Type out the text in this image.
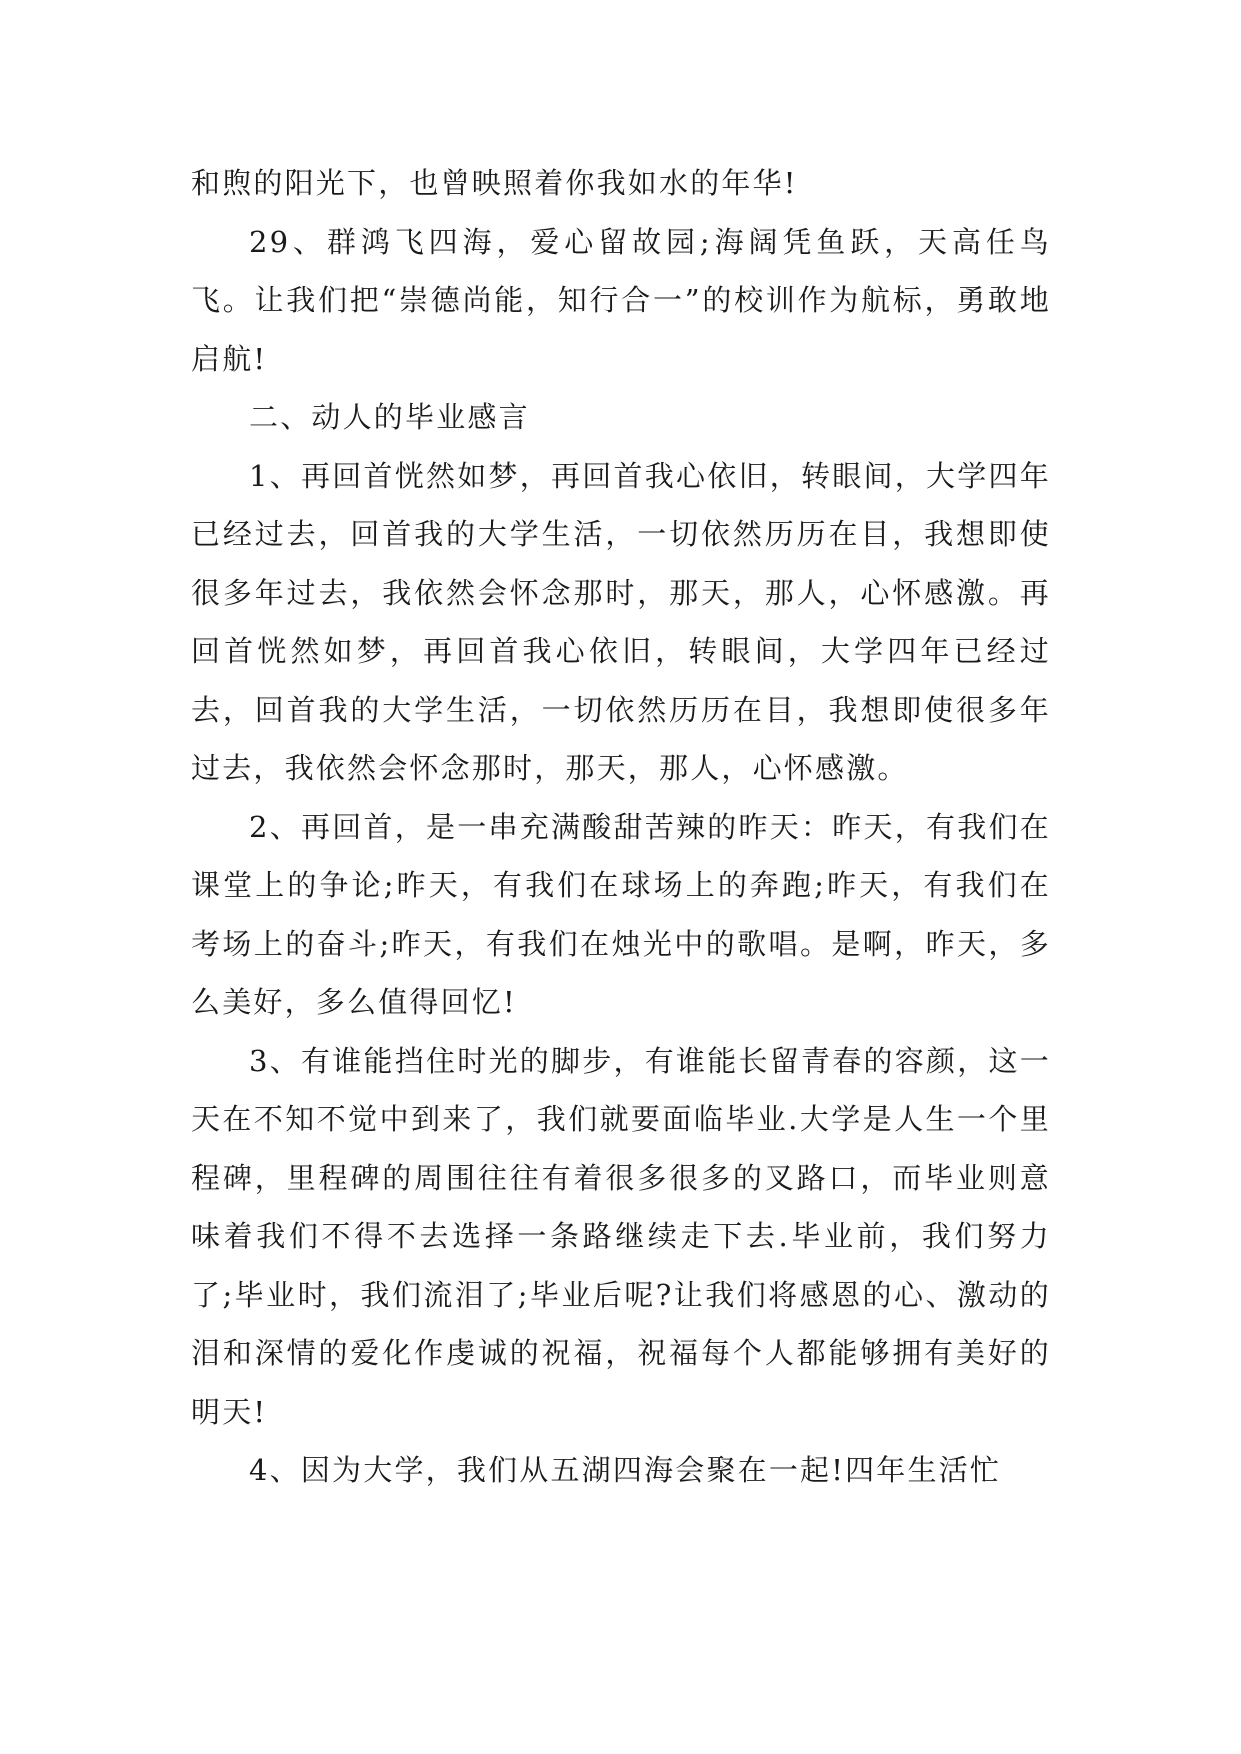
和煦的阳光下，也曾映照着你我如水的年华!

29、群鸿飞四海，爱心留故园;海阔凭鱼跃，天高任鸟飞。让我们把“崇德尚能，知行合一”的校训作为航标，勇敢地启航!

二、动人的毕业感言

1、再回首恍然如梦，再回首我心依旧，转眼间，大学四年已经过去，回首我的大学生活，一切依然历历在目，我想即使很多年过去，我依然会怀念那时，那天，那人，心怀感激。再回首恍然如梦，再回首我心依旧，转眼间，大学四年已经过去，回首我的大学生活，一切依然历历在目，我想即使很多年过去，我依然会怀念那时，那天，那人，心怀感激。

2、再回首，是一串充满酸甜苦辣的昨天：昨天，有我们在课堂上的争论;昨天，有我们在球场上的奔跑;昨天，有我们在考场上的奋斗;昨天，有我们在烛光中的歌唱。是啊，昨天，多么美好，多么值得回忆!

3、有谁能挡住时光的脚步，有谁能长留青春的容颜，这一天在不知不觉中到来了，我们就要面临毕业.大学是人生一个里程碑，里程碑的周围往往有着很多很多的叉路口，而毕业则意味着我们不得不去选择一条路继续走下去.毕业前，我们努力了;毕业时，我们流泪了;毕业后呢?让我们将感恩的心、激动的泪和深情的爱化作虔诚的祝福，祝福每个人都能够拥有美好的明天!

4、因为大学，我们从五湖四海会聚在一起!四年生活忙
